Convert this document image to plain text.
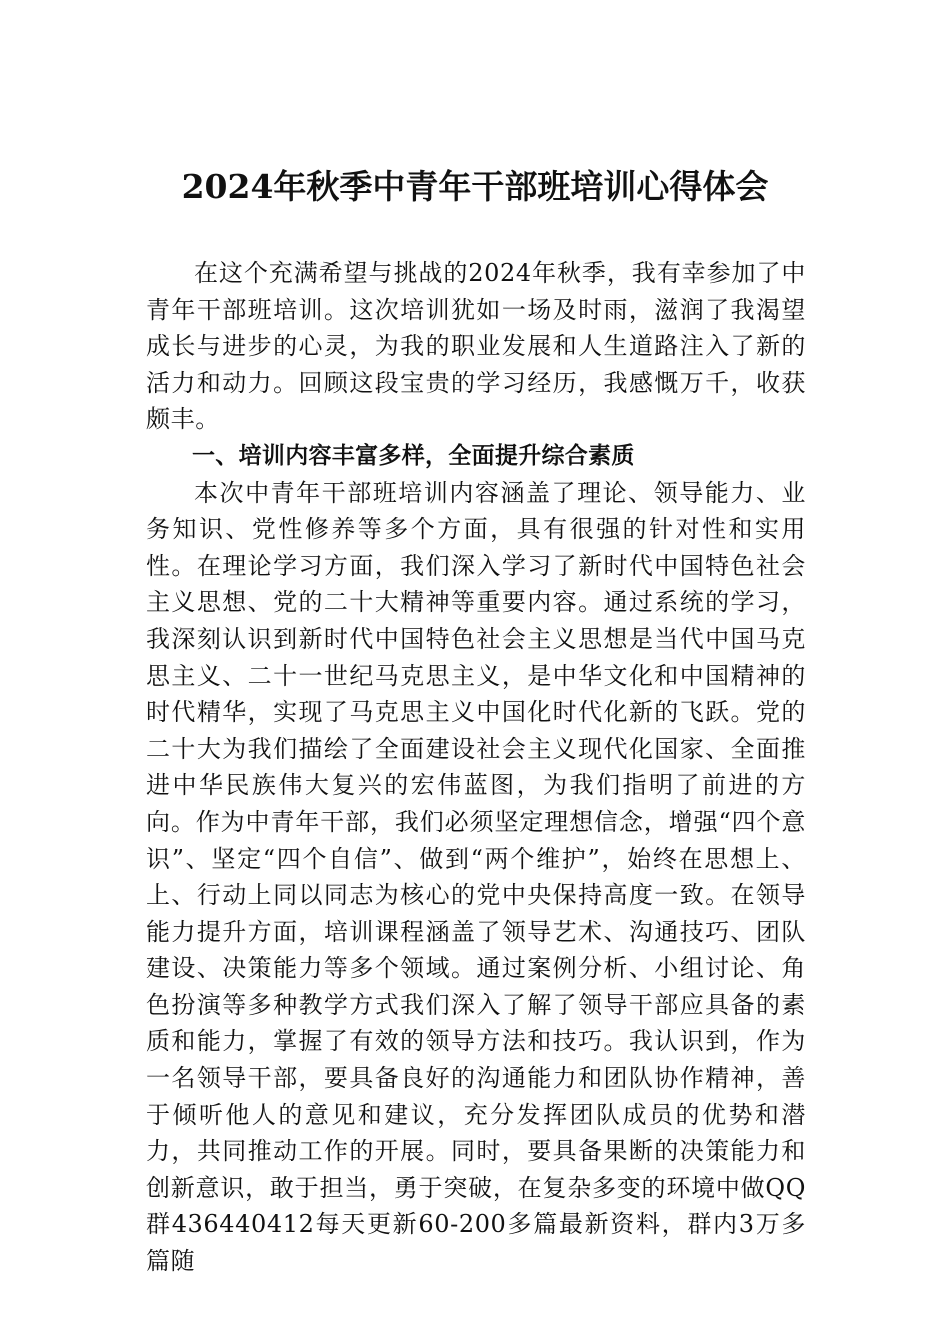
2024年秋季中青年干部班培训心得体会

在这个充满希望与挑战的2024年秋季，我有幸参加了中青年干部班培训。这次培训犹如一场及时雨，滋润了我渴望成长与进步的心灵，为我的职业发展和人生道路注入了新的活力和动力。回顾这段宝贵的学习经历，我感慨万千，收获颇丰。

一、培训内容丰富多样，全面提升综合素质

本次中青年干部班培训内容涵盖了理论、领导能力、业务知识、党性修养等多个方面，具有很强的针对性和实用性。在理论学习方面，我们深入学习了新时代中国特色社会主义思想、党的二十大精神等重要内容。通过系统的学习，我深刻认识到新时代中国特色社会主义思想是当代中国马克思主义、二十一世纪马克思主义，是中华文化和中国精神的时代精华，实现了马克思主义中国化时代化新的飞跃。党的二十大为我们描绘了全面建设社会主义现代化国家、全面推进中华民族伟大复兴的宏伟蓝图，为我们指明了前进的方向。作为中青年干部，我们必须坚定理想信念，增强“四个意识”、坚定“四个自信”、做到“两个维护”，始终在思想上、上、行动上同以同志为核心的党中央保持高度一致。在领导能力提升方面，培训课程涵盖了领导艺术、沟通技巧、团队建设、决策能力等多个领域。通过案例分析、小组讨论、角色扮演等多种教学方式我们深入了解了领导干部应具备的素质和能力，掌握了有效的领导方法和技巧。我认识到，作为一名领导干部，要具备良好的沟通能力和团队协作精神，善于倾听他人的意见和建议，充分发挥团队成员的优势和潜力，共同推动工作的开展。同时，要具备果断的决策能力和创新意识，敢于担当，勇于突破，在复杂多变的环境中做QQ群436440412每天更新60-200多篇最新资料，群内3万多篇随
